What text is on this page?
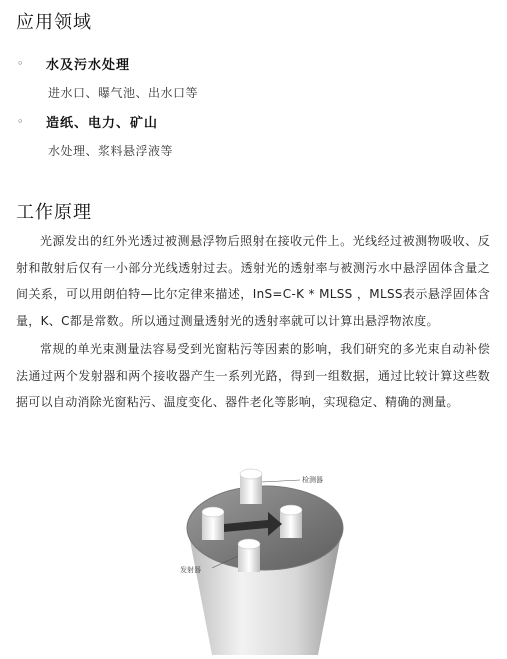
应用领域
◦ 水及污水处理
进水口、曝气池、出水口等
◦ 造纸、电力、矿山
水处理、浆料悬浮液等
工作原理
光源发出的红外光透过被测悬浮物后照射在接收元件上。光线经过被测物吸收、反射和散射后仅有一小部分光线透射过去。透射光的透射率与被测污水中悬浮固体含量之间关系，可以用朗伯特—比尔定律来描述，InS=C-K * MLSS ，MLSS表示悬浮固体含量，K、C都是常数。所以通过测量透射光的透射率就可以计算出悬浮物浓度。
常规的单光束测量法容易受到光窗粘污等因素的影响，我们研究的多光束自动补偿法通过两个发射器和两个接收器产生一系列光路，得到一组数据，通过比较计算这些数据可以自动消除光窗粘污、温度变化、器件老化等影响，实现稳定、精确的测量。
检测器
发射器
